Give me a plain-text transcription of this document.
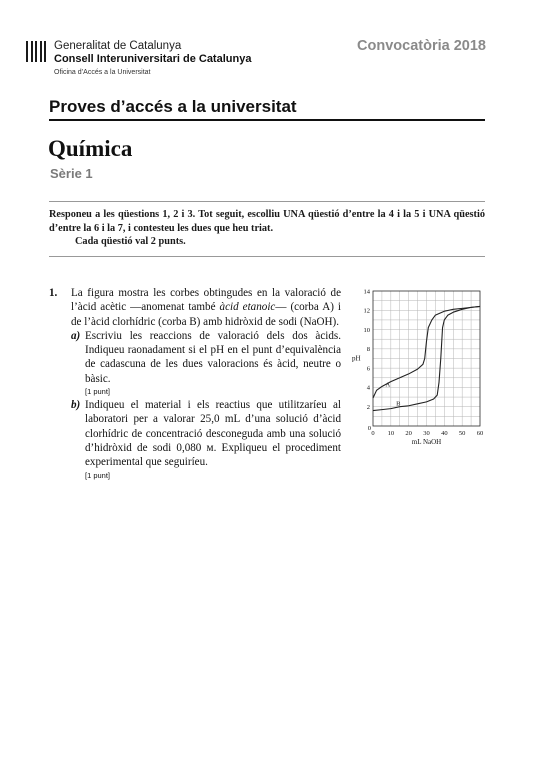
Generalitat de Catalunya
Consell Interuniversitari de Catalunya
Oficina d’Accés a la Universitat
Convocatòria 2018
Proves d’accés a la universitat
Química
Sèrie 1
Responeu a les qüestions 1, 2 i 3. Tot seguit, escolliu UNA qüestió d’entre la 4 i la 5 i UNA qüestió d’entre la 6 i la 7, i contesteu les dues que heu triat.
Cada qüestió val 2 punts.
1. La figura mostra les corbes obtingudes en la valoració de l’àcid acètic —anomenat també àcid etanoic— (corba A) i de l’àcid clorhídric (corba B) amb hidròxid de sodi (NaOH).
a) Escriviu les reaccions de valoració dels dos àcids. Indiqueu raonadament si el pH en el punt d’equivalència de cadascuna de les dues valoracions és àcid, neutre o bàsic.
[1 punt]
b) Indiqueu el material i els reactius que utilitzaríeu al laboratori per a valorar 25,0 mL d’una solució d’àcid clorhídric de concentració desconeguda amb una solució d’hidròxid de sodi 0,080 м. Expliqueu el procediment experimental que seguiríeu.
[1 punt]
0 10 20 30 40 50 60
2
4
6
8
10
12
14
0
A
B
pH
mL NaOH
